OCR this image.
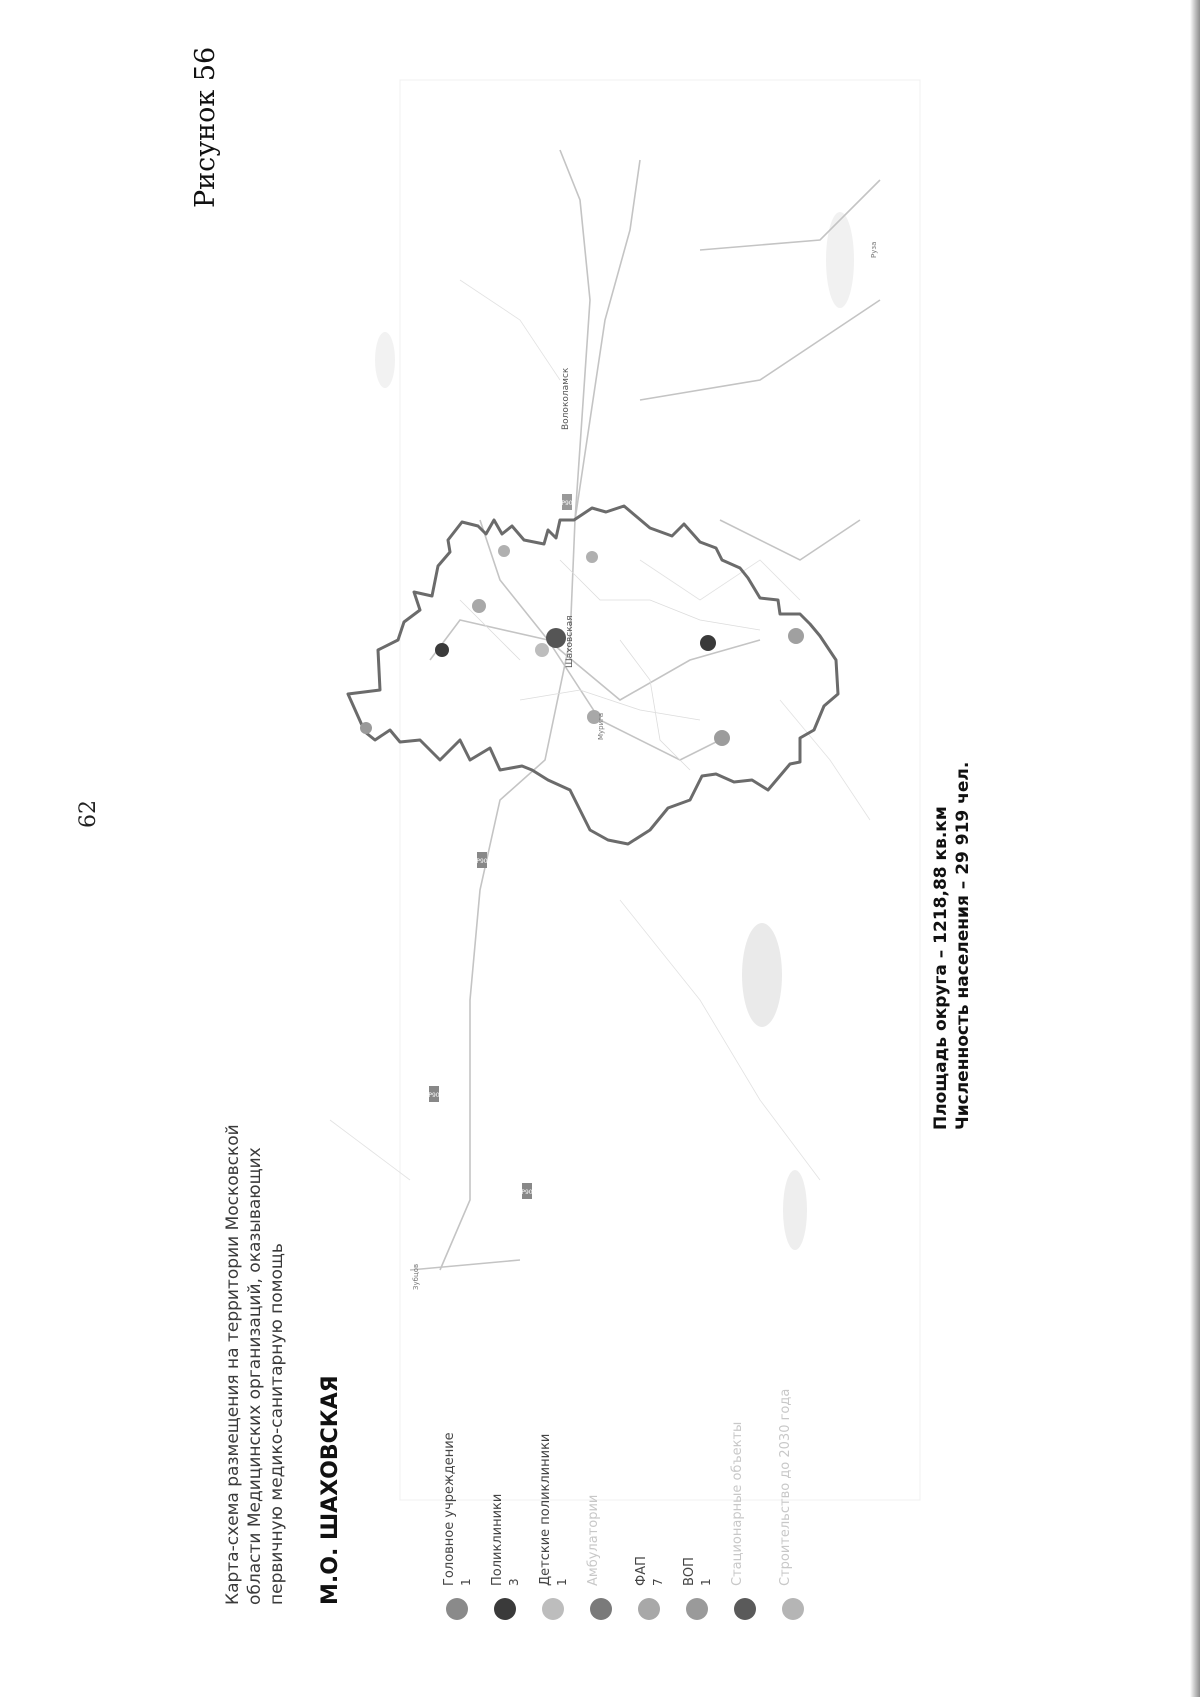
62
Рисунок 56
Р90
Р90
Р90
Р90
Шаховская
Волоколамск
Зубцов
Мурига
Руза
Карта-схема размещения на территории Московской области Медицинских организаций, оказывающих первичную медико-санитарную помощь М.О. ШАХОВСКАЯ	Головное учреждение 1 Поликлиники 3 Детские поликлиники 1 Амбулатории	ФАП 7 ВОП 1 Стационарные объекты	Строительство до 2030 года
Площадь округа – 1218,88 кв.км Численность населения – 29 919 чел.
